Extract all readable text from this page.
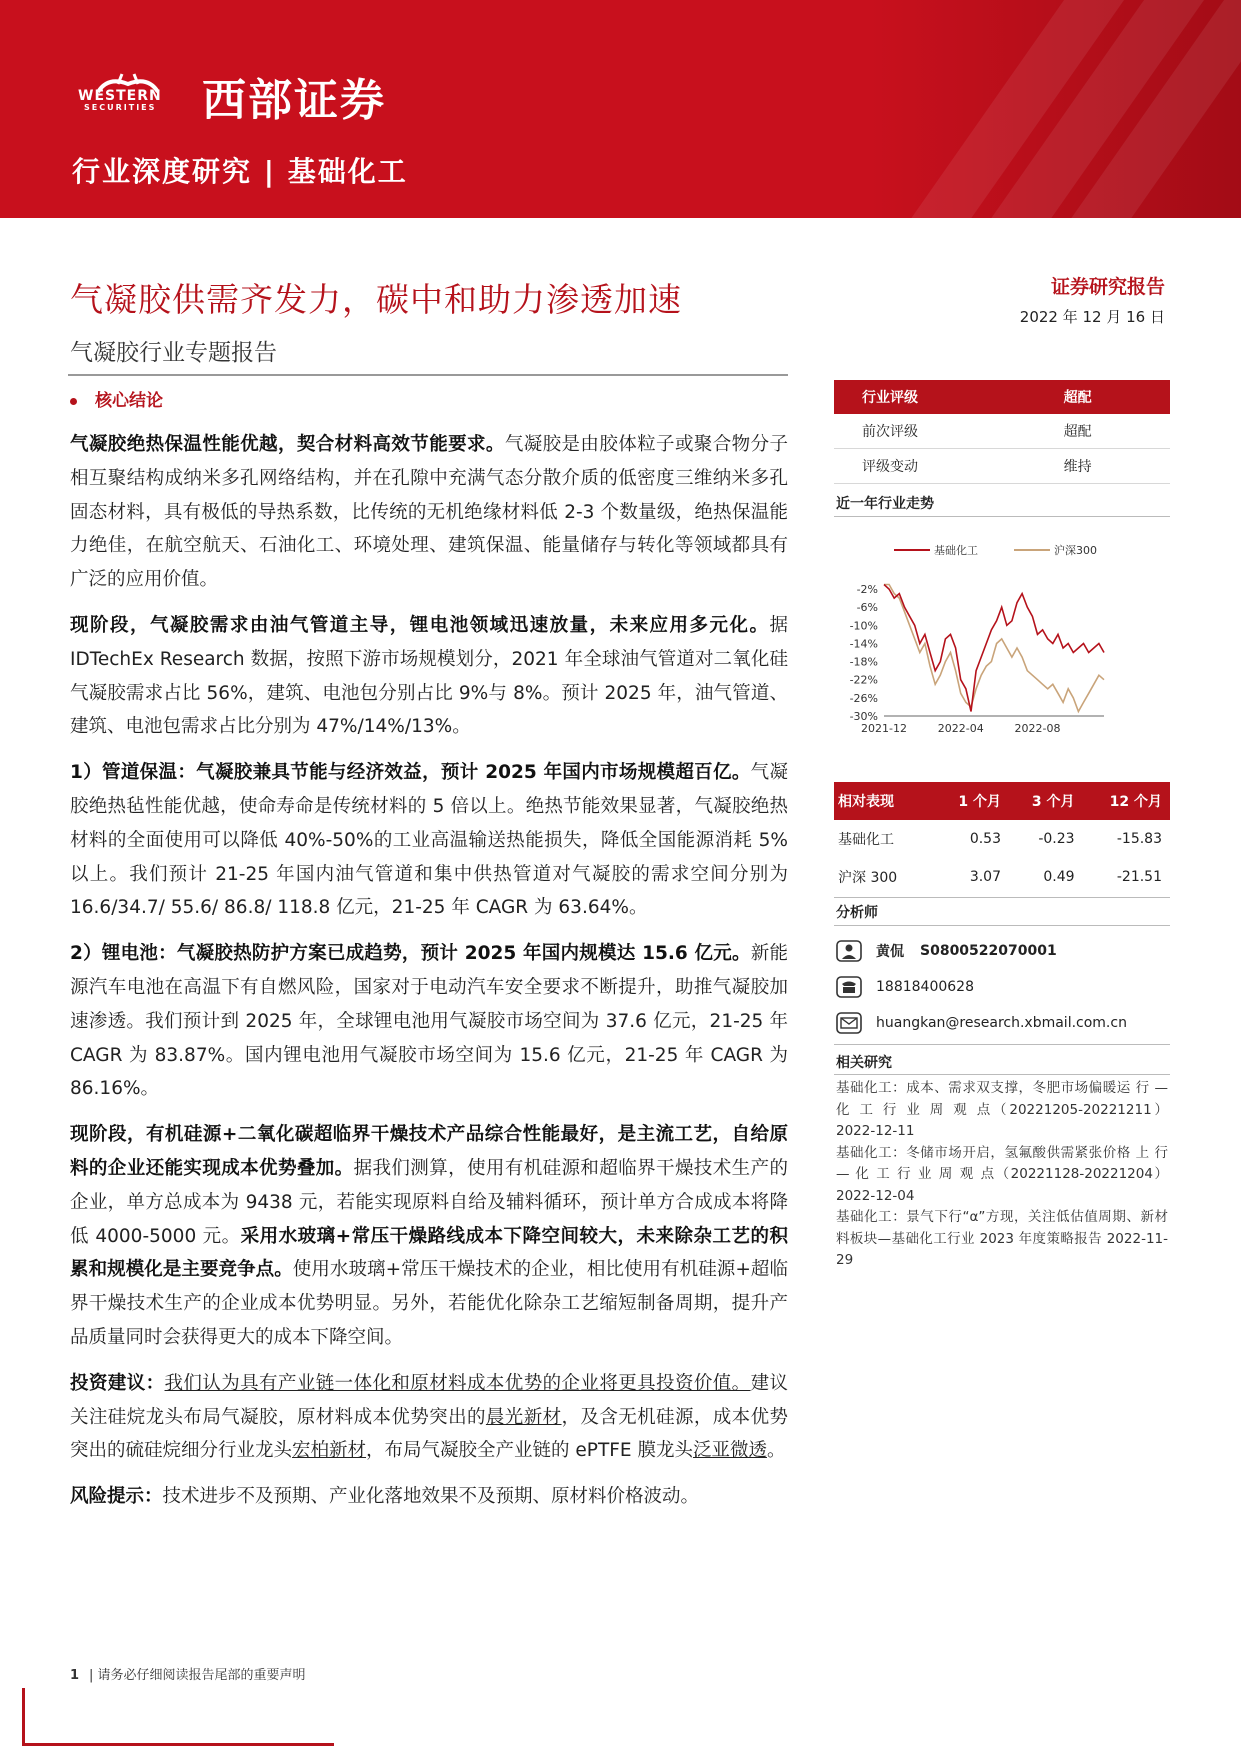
WESTERN
SECURITIES 西部证券
行业深度研究 | 基础化工
证券研究报告
2022 年 12 月 16 日
气凝胶供需齐发力，碳中和助力渗透加速
气凝胶行业专题报告
核心结论

气凝胶绝热保温性能优越，契合材料高效节能要求。气凝胶是由胶体粒子或聚合物分子相互聚结构成纳米多孔网络结构，并在孔隙中充满气态分散介质的低密度三维纳米多孔固态材料，具有极低的导热系数，比传统的无机绝缘材料低 2-3 个数量级，绝热保温能力绝佳，在航空航天、石油化工、环境处理、建筑保温、能量储存与转化等领域都具有广泛的应用价值。

现阶段，气凝胶需求由油气管道主导，锂电池领域迅速放量，未来应用多元化。据 IDTechEx Research 数据，按照下游市场规模划分，2021 年全球油气管道对二氧化硅气凝胶需求占比 56%，建筑、电池包分别占比 9%与 8%。预计 2025 年，油气管道、建筑、电池包需求占比分别为 47%/14%/13%。

1）管道保温：气凝胶兼具节能与经济效益，预计 2025 年国内市场规模超百亿。气凝胶绝热毡性能优越，使命寿命是传统材料的 5 倍以上。绝热节能效果显著，气凝胶绝热材料的全面使用可以降低 40%-50%的工业高温输送热能损失，降低全国能源消耗 5%以上。我们预计 21-25 年国内油气管道和集中供热管道对气凝胶的需求空间分别为 16.6/34.7/ 55.6/ 86.8/ 118.8 亿元，21-25 年 CAGR 为 63.64%。

2）锂电池：气凝胶热防护方案已成趋势，预计 2025 年国内规模达 15.6 亿元。新能源汽车电池在高温下有自燃风险，国家对于电动汽车安全要求不断提升，助推气凝胶加速渗透。我们预计到 2025 年，全球锂电池用气凝胶市场空间为 37.6 亿元，21-25 年 CAGR 为 83.87%。国内锂电池用气凝胶市场空间为 15.6 亿元，21-25 年 CAGR 为 86.16%。

现阶段，有机硅源+二氧化碳超临界干燥技术产品综合性能最好，是主流工艺，自给原料的企业还能实现成本优势叠加。据我们测算，使用有机硅源和超临界干燥技术生产的企业，单方总成本为 9438 元，若能实现原料自给及辅料循环，预计单方合成成本将降低 4000-5000 元。采用水玻璃+常压干燥路线成本下降空间较大，未来除杂工艺的积累和规模化是主要竞争点。使用水玻璃+常压干燥技术的企业，相比使用有机硅源+超临界干燥技术生产的企业成本优势明显。另外，若能优化除杂工艺缩短制备周期，提升产品质量同时会获得更大的成本下降空间。

投资建议：我们认为具有产业链一体化和原材料成本优势的企业将更具投资价值。建议关注硅烷龙头布局气凝胶，原材料成本优势突出的晨光新材，及含无机硅源，成本优势突出的硫硅烷细分行业龙头宏柏新材，布局气凝胶全产业链的 ePTFE 膜龙头泛亚微透。

风险提示：技术进步不及预期、产业化落地效果不及预期、原材料价格波动。

行业评级	超配
前次评级	超配
评级变动	维持
近一年行业走势
基础化工	沪深300
-2%
-6%
-10%
-14%
-18%
-22%
-26%
-30%
2021-12	2022-04	2022-08
相对表现	1 个月	3 个月	12 个月
基础化工	0.53	-0.23	-15.83
沪深 300	3.07	0.49	-21.51
分析师
黄侃 S0800522070001
18818400628
huangkan@research.xbmail.com.cn
相关研究

基础化工：成本、需求双支撑，冬肥市场偏暖运 行 — 化 工 行 业 周 观 点（20221205-20221211） 2022-12-11

基础化工：冬储市场开启，氢氟酸供需紧张价格 上 行 — 化 工 行 业 周 观 点（20221128-20221204） 2022-12-04

基础化工：景气下行“α”方现，关注低估值周期、新材料板块—基础化工行业 2023 年度策略报告 2022-11-29

1 | 请务必仔细阅读报告尾部的重要声明
